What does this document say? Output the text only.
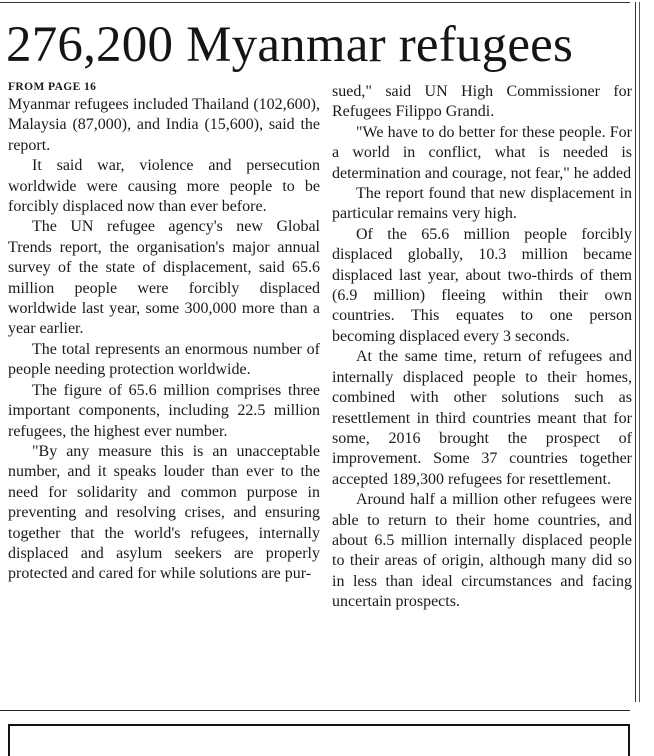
276,200 Myanmar refugees

FROM PAGE 16

Myanmar refugees included Thailand (102,600), Malaysia (87,000), and India (15,600), said the report.

It said war, violence and persecution worldwide were causing more people to be forcibly displaced now than ever before.

The UN refugee agency's new Global Trends report, the organisation's major annual survey of the state of displacement, said 65.6 million people were forcibly displaced worldwide last year, some 300,000 more than a year earlier.

The total represents an enormous number of people needing protection worldwide.

The figure of 65.6 million comprises three important components, including 22.5 million refugees, the highest ever number.

"By any measure this is an unacceptable number, and it speaks louder than ever to the need for solidarity and common purpose in preventing and resolving crises, and ensuring together that the world's refugees, internally displaced and asylum seekers are properly protected and cared for while solutions are pur-

sued," said UN High Commissioner for Refugees Filippo Grandi.

"We have to do better for these people. For a world in conflict, what is needed is determination and courage, not fear," he added

The report found that new displacement in particular remains very high.

Of the 65.6 million people forcibly displaced globally, 10.3 million became displaced last year, about two-thirds of them (6.9 million) fleeing within their own countries. This equates to one person becoming displaced every 3 seconds.

At the same time, return of refugees and internally displaced people to their homes, combined with other solutions such as resettlement in third countries meant that for some, 2016 brought the prospect of improvement. Some 37 countries together accepted 189,300 refugees for resettlement.

Around half a million other refugees were able to return to their home countries, and about 6.5 million internally displaced people to their areas of origin, although many did so in less than ideal circumstances and facing uncertain prospects.
